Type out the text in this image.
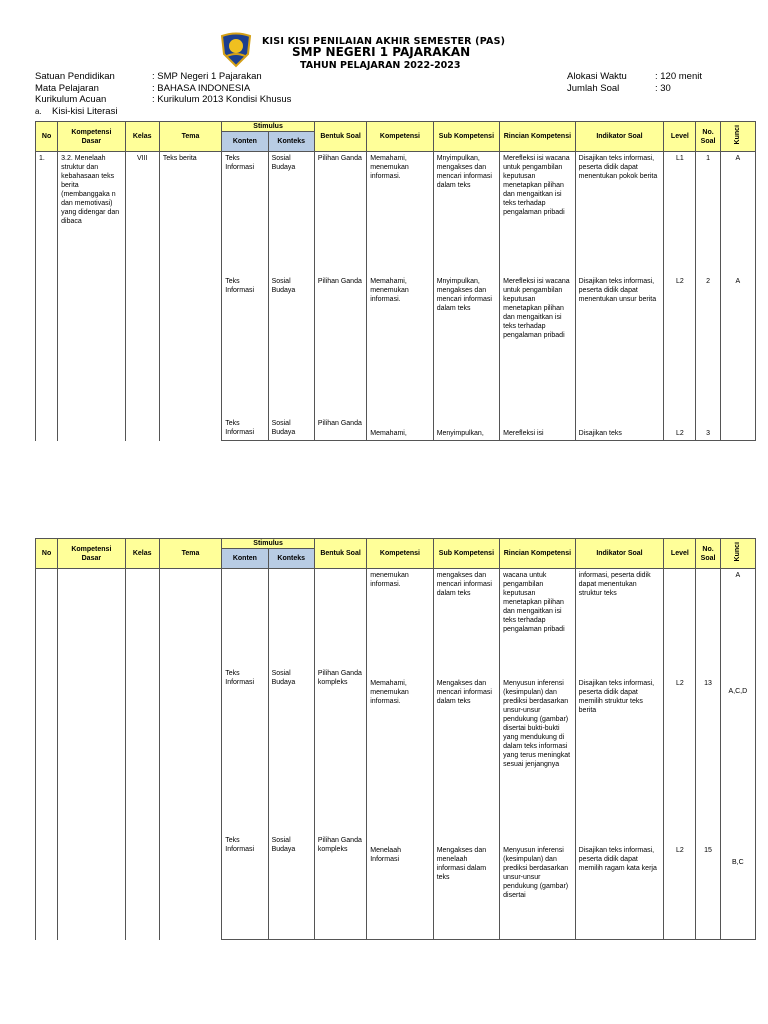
KISI KISI PENILAIAN AKHIR SEMESTER (PAS)
SMP NEGERI 1 PAJARAKAN
TAHUN PELAJARAN 2022-2023
Satuan Pendidikan	: SMP Negeri 1 Pajarakan
Mata Pelajaran	: BAHASA INDONESIA
Kurikulum Acuan	: Kurikulum 2013 Kondisi Khusus
a. Kisi-kisi Literasi
Alokasi Waktu	: 120 menit
Jumlah Soal	: 30
No	Kompetensi Dasar	Kelas	Tema	Stimulus		Bentuk Soal	Kompetensi	Sub Kompetensi	Rincian Kompetensi	Indikator Soal	Level	No. Soal	Kunci
				Konten	Konteks								
1.	3.2. Menelaah struktur dan kebahasaan teks berita (membanggaka n dan memotivasi) yang didengar dan dibaca	VIII	Teks berita	Teks Informasi	Sosial Budaya	Pilihan Ganda	Memahami, menemukan informasi.	Mnyimpulkan, mengakses dan mencari informasi dalam teks	Merefleksi isi wacana untuk pengambilan keputusan menetapkan pilihan dan mengaitkan isi teks terhadap pengalaman pribadi	Disajikan teks informasi, peserta didik dapat menentukan pokok berita	L1	1	A
				Teks Informasi	Sosial Budaya	Pilihan Ganda	Memahami, menemukan informasi.	Mnyimpulkan, mengakses dan mencari informasi dalam teks	Merefleksi isi wacana untuk pengambilan keputusan menetapkan pilihan dan mengaitkan isi teks terhadap pengalaman pribadi	Disajikan teks informasi, peserta didik dapat menentukan unsur berita	L2	2	A
				Teks Informasi	Sosial Budaya	Pilihan Ganda	Memahami,	Menyimpulkan,	Merefleksi isi	Disajikan teks	L2	3	
No	Kompetensi Dasar	Kelas	Tema	Stimulus		Bentuk Soal	Kompetensi	Sub Kompetensi	Rincian Kompetensi	Indikator Soal	Level	No. Soal	Kunci
				Konten	Konteks								
							menemukan informasi.	mengakses dan mencari informasi dalam teks	wacana untuk pengambilan keputusan menetapkan pilihan dan mengaitkan isi teks terhadap pengalaman pribadi	informasi, peserta didik dapat menentukan struktur teks			A
				Teks Informasi	Sosial Budaya	Pilihan Ganda kompleks	Memahami, menemukan informasi.	Mengakses dan mencari informasi dalam teks	Menyusun inferensi (kesimpulan) dan prediksi berdasarkan unsur-unsur pendukung (gambar) disertai bukti-bukti yang mendukung di dalam teks informasi yang terus meningkat sesuai jenjangnya	Disajikan teks informasi, peserta didik dapat memilih struktur teks berita	L2	13	A,C,D
				Teks Informasi	Sosial Budaya	Pilihan Ganda kompleks	Menelaah Informasi	Mengakses dan menelaah informasi dalam teks	Menyusun inferensi (kesimpulan) dan prediksi berdasarkan unsur-unsur pendukung (gambar) disertai	Disajikan teks informasi, peserta didik dapat memilih ragam kata kerja	L2	15	B,C
